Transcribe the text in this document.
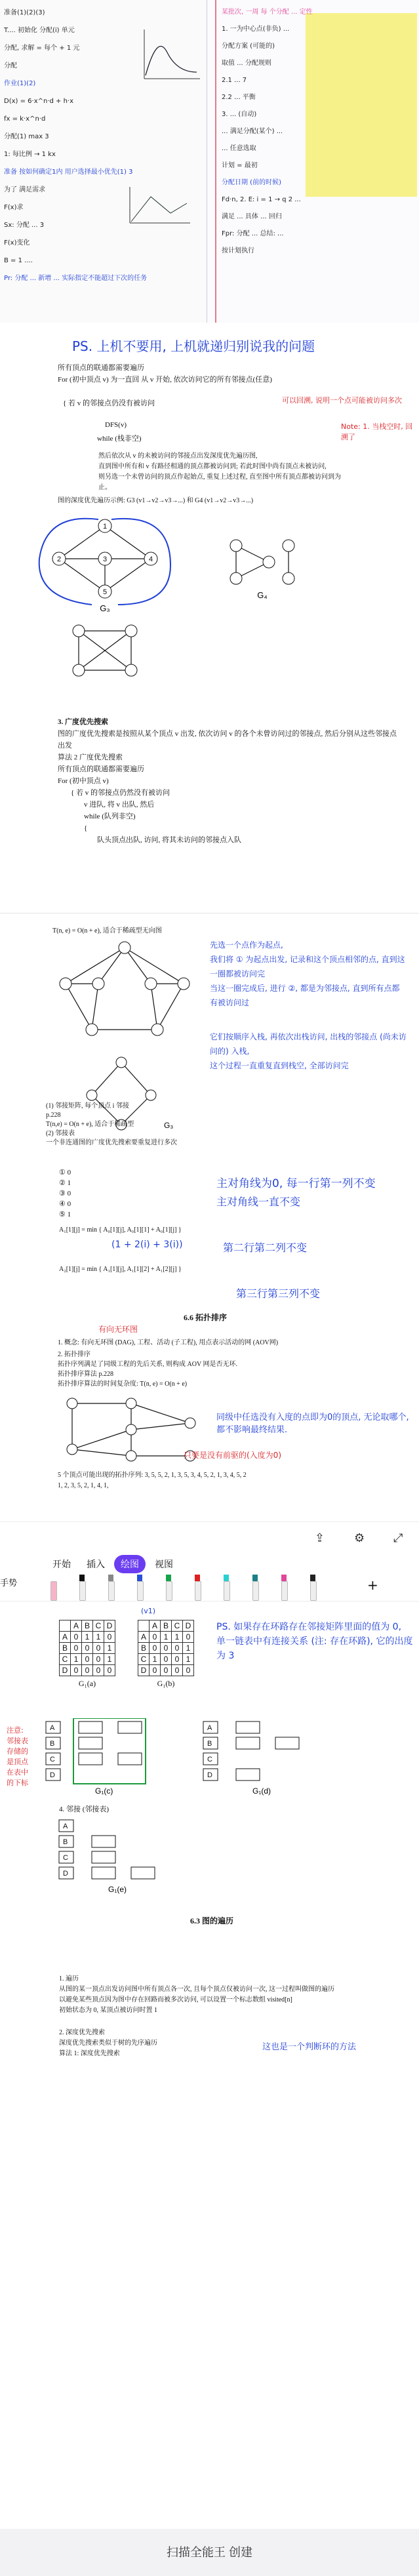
准备(1)(2)(3)
T.... 初始化 分配(i) 单元
分配, 求解 = 每个 + 1 元
分配
作业(1)(2)
D(x) = 6·x^n·d + h·x
fx = k·x^n·d
分配(1) max 3
1: 每比例 → 1 kx
准备 按如何确定1内 用户选择最小优先(1) 3
为了 满足需求
F(x)求
Sx: 分配 ... 3
F(x)变化
B = 1 ....
Pr: 分配 ... 新增 ... 实际指定不能超过下次的任务
某批次, 一周 每 个分配 ... 定性
1. 一为中心点(非负) ...
分配方案 (可能的)
取值 ... 分配规则
2.1 ... 7
2.2 ... 平衡
3. ... (自动)
... 满足分配(某个) ...
... 任意选取
计划 = 最初
分配日期 (前的时候)
Fd·n, 2. E: i = 1 → q 2 ...
满足 ... 具体 ... 回归
Fpr: 分配 ... 总结: ...
按计划执行
PS. 上机不要用, 上机就递归别说我的问题
所有顶点的联通都需要遍历
For (初中顶点 v) 为一直回 从 v 开始, 依次访问它的所有邻接点(任意)
{ 若 v 的邻接点仍没有被访问
DFS(v)
while (栈非空)
可以回溯, 说明一个点可能被访问多次
Note: 1. 当栈空时, 回溯了
然后依次从 v 的未被访问的邻接点出发深度优先遍历图,
直到图中所有和 v 有路径相通的顶点都被访问到; 若此时图中尚有顶点未被访问,
则另选一个未曾访问的顶点作起始点, 重复上述过程, 直至图中所有顶点都被访问到为止。
图的深度优先遍历示例: G3 (v1→v2→v3→...) 和 G4 (v1→v2→v3→...)
1
2	3	4
5
G₃
G₄
3. 广度优先搜索
图的广度优先搜索是按照从某个顶点 v 出发, 依次访问 v 的各个未曾访问过的邻接点, 然后分别从这些邻接点出发
算法 2 广度优先搜索
所有顶点的联通都需要遍历
For (初中顶点 v)
{ 若 v 的邻接点仍然没有被访问
v 进队, 将 v 出队, 然后
while (队列非空)
{
队头顶点出队, 访问, 将其未访问的邻接点入队
T(n, e) = O(n + e), 适合于稀疏型无向图
G₃
先选一个点作为起点,
我们将 ① 为起点出发, 记录和这个顶点相邻的点, 直到这一圈都被访问完
当这一圈完成后, 进行 ②, 都是为邻接点, 直到所有点都有被访问过
它们按顺序入栈, 再依次出栈访问, 出栈的邻接点 (尚未访问的) 入栈,
这个过程一直重复直到栈空, 全部访问完
(1) 邻接矩阵, 每个顶点 i 邻接
p.228
T(n,e) = O(n + e), 适合于稀疏型
(2) 邻接表
一个非连通图的广度优先搜索要重复进行多次
① 0
② 1
③ 0
④ 0
⑤ 1
A₁[1][j] = min { A₀[1][j], A₀[1][1] + A₀[1][j] }
A₂[1][j] = min { A₁[1][j], A₁[1][2] + A₁[2][j] }
主对角线为0, 每一行第一列不变
主对角线一直不变
(1 + 2(i) + 3(i))	第二行第二列不变
第三行第三列不变
6.6 拓扑排序
有向无环图
1. 概念: 有向无环图 (DAG), 工程、活动 (子工程), 用点表示活动的网 (AOV网)
2. 拓扑排序
拓扑序列满足了同级工程的先后关系, 则构成 AOV 网是否无环.
拓扑排序算法 p.228
拓扑排序算法的时间复杂度: T(n, e) = O(n + e)
同级中任选没有入度的点即为0的顶点, 无论取哪个, 都不影响最终结果.
只要是没有前驱的(入度为0)
5 个顶点可能出现的拓扑序列: 3, 5, 5, 2, 1, 3, 5, 3, 4, 5, 2, 1, 3, 4, 5, 2
1, 2, 3, 5, 2, 1, 4, 1,
⇪ ⚙ ⤢
开始 插入 绘图 视图
手势

	+
(v1)
	A	B	C	D
A	0	1	1	0
B	0	0	0	1
C	1	0	0	1
D	0	0	0	0
G₁(a)
	A	B	C	D
A	0	1	1	0
B	0	0	0	1
C	1	0	0	1
D	0	0	0	0
G₁(b)
PS. 如果存在环路存在邻接矩阵里面的值为 0,
单一链表中有连接关系 (注: 存在环路), 它的出度为 3
A
B
C
D
G₁(c)
A
B
C
D
G₁(d)
注意: 邻接表存储的是顶点在表中的下标
4. 邻接 (邻接表)
A
B
C
D
G₁(e)
6.3 图的遍历
1. 遍历
从图的某一顶点出发访问图中所有顶点各一次, 且每个顶点仅被访问一次, 这一过程叫做图的遍历
以避免某些顶点因为图中存在回路而被多次访问, 可以设置一个标志数组 visited[n]
初始状态为 0, 某顶点被访问时置 1
2. 深度优先搜索
深度优先搜索类似于树的先序遍历
算法 1: 深度优先搜索
这也是一个判断环的方法
扫描全能王 创建
